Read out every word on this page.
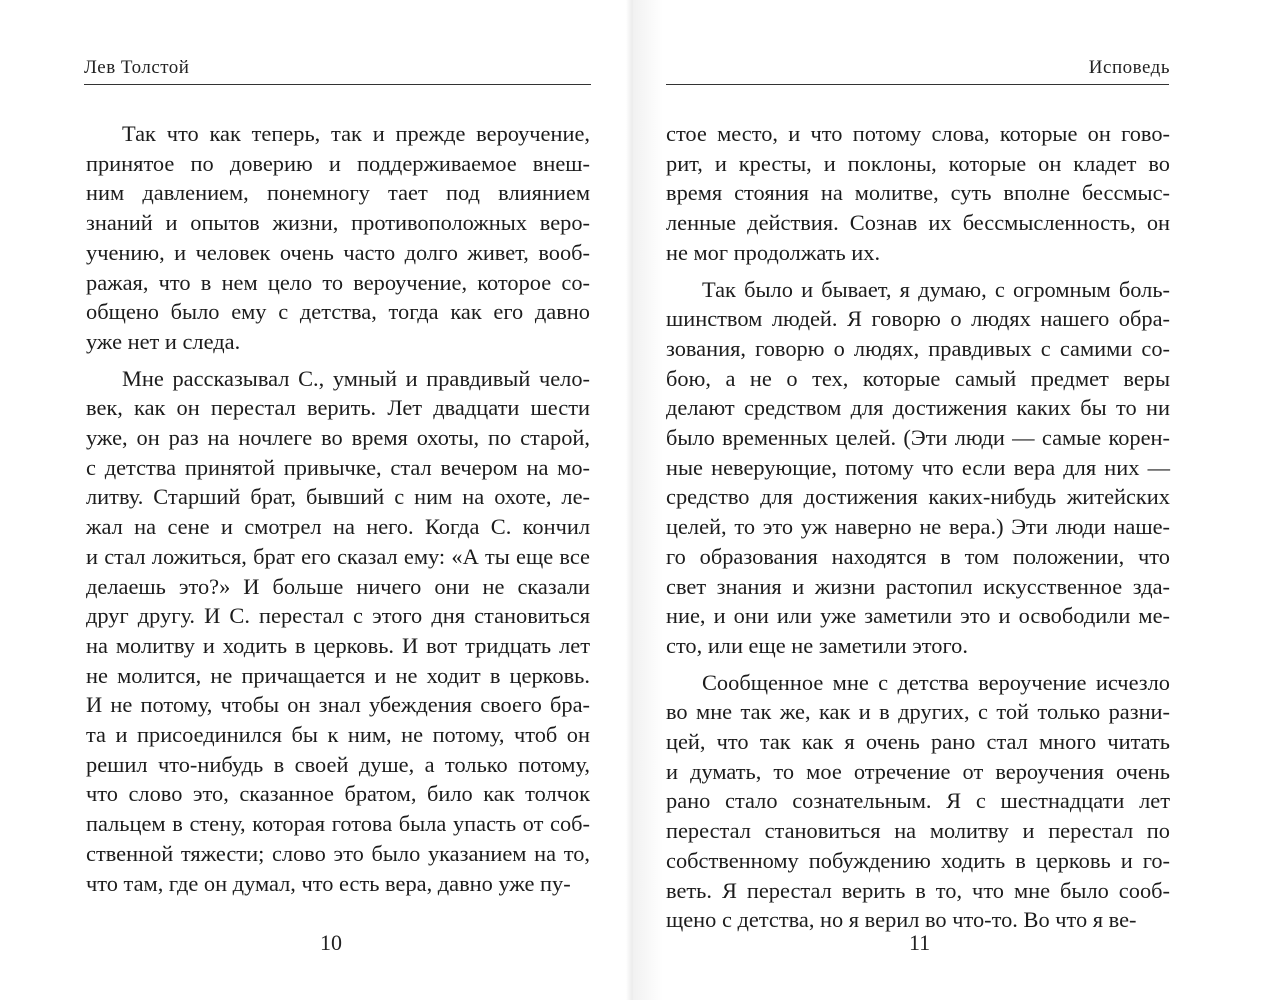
Лев Толстой
Так что как теперь, так и прежде вероучение,
принятое по доверию и поддерживаемое внеш-
ним давлением, понемногу тает под влиянием
знаний и опытов жизни, противоположных веро-
учению, и человек очень часто долго живет, вооб-
ражая, что в нем цело то вероучение, которое со-
общено было ему с детства, тогда как его давно
уже нет и следа.
Мне рассказывал С., умный и правдивый чело-
век, как он перестал верить. Лет двадцати шести
уже, он раз на ночлеге во время охоты, по старой,
с детства принятой привычке, стал вечером на мо-
литву. Старший брат, бывший с ним на охоте, ле-
жал на сене и смотрел на него. Когда С. кончил
и стал ложиться, брат его сказал ему: «А ты еще все
делаешь это?» И больше ничего они не сказали
друг другу. И С. перестал с этого дня становиться
на молитву и ходить в церковь. И вот тридцать лет
не молится, не причащается и не ходит в церковь.
И не потому, чтобы он знал убеждения своего бра-
та и присоединился бы к ним, не потому, чтоб он
решил что-нибудь в своей душе, а только потому,
что слово это, сказанное братом, било как толчок
пальцем в стену, которая готова была упасть от соб-
ственной тяжести; слово это было указанием на то,
что там, где он думал, что есть вера, давно уже пу-
10
Исповедь
стое место, и что потому слова, которые он гово-
рит, и кресты, и поклоны, которые он кладет во
время стояния на молитве, суть вполне бессмыс-
ленные действия. Сознав их бессмысленность, он
не мог продолжать их.
Так было и бывает, я думаю, с огромным боль-
шинством людей. Я говорю о людях нашего обра-
зования, говорю о людях, правдивых с самими со-
бою, а не о тех, которые самый предмет веры
делают средством для достижения каких бы то ни
было временных целей. (Эти люди — самые корен-
ные неверующие, потому что если вера для них —
средство для достижения каких-нибудь житейских
целей, то это уж наверно не вера.) Эти люди наше-
го образования находятся в том положении, что
свет знания и жизни растопил искусственное зда-
ние, и они или уже заметили это и освободили ме-
сто, или еще не заметили этого.
Сообщенное мне с детства вероучение исчезло
во мне так же, как и в других, с той только разни-
цей, что так как я очень рано стал много читать
и думать, то мое отречение от вероучения очень
рано стало сознательным. Я с шестнадцати лет
перестал становиться на молитву и перестал по
собственному побуждению ходить в церковь и го-
веть. Я перестал верить в то, что мне было сооб-
щено с детства, но я верил во что-то. Во что я ве-
11
